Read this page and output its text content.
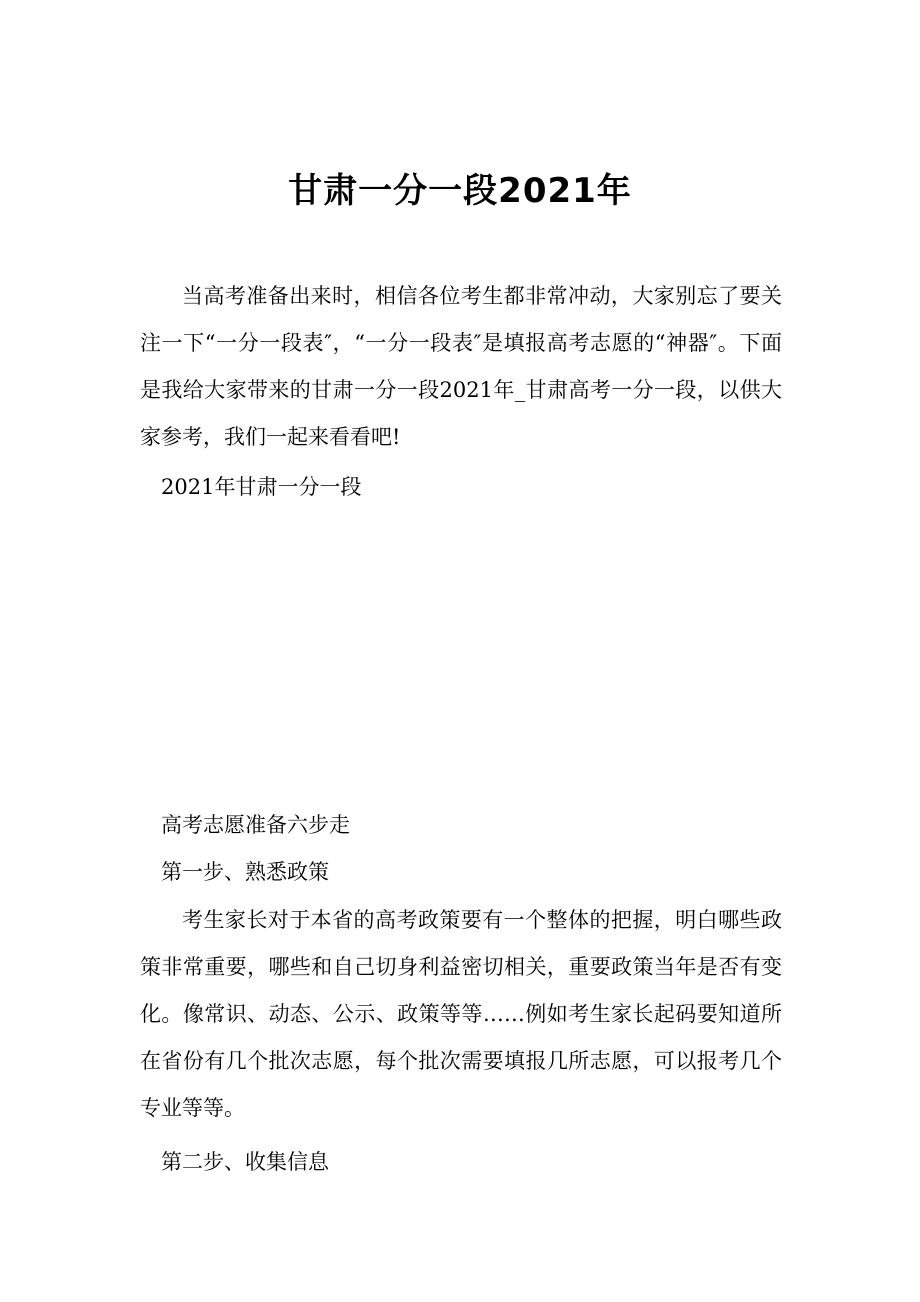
甘肃一分一段2021年

当高考准备出来时，相信各位考生都非常冲动，大家别忘了要关注一下“一分一段表″，“一分一段表″是填报高考志愿的“神器″。下面是我给大家带来的甘肃一分一段2021年_甘肃高考一分一段，以供大家参考，我们一起来看看吧!

2021年甘肃一分一段

高考志愿准备六步走

第一步、熟悉政策

考生家长对于本省的高考政策要有一个整体的把握，明白哪些政策非常重要，哪些和自己切身利益密切相关，重要政策当年是否有变化。像常识、动态、公示、政策等等……例如考生家长起码要知道所在省份有几个批次志愿，每个批次需要填报几所志愿，可以报考几个专业等等。

第二步、收集信息
